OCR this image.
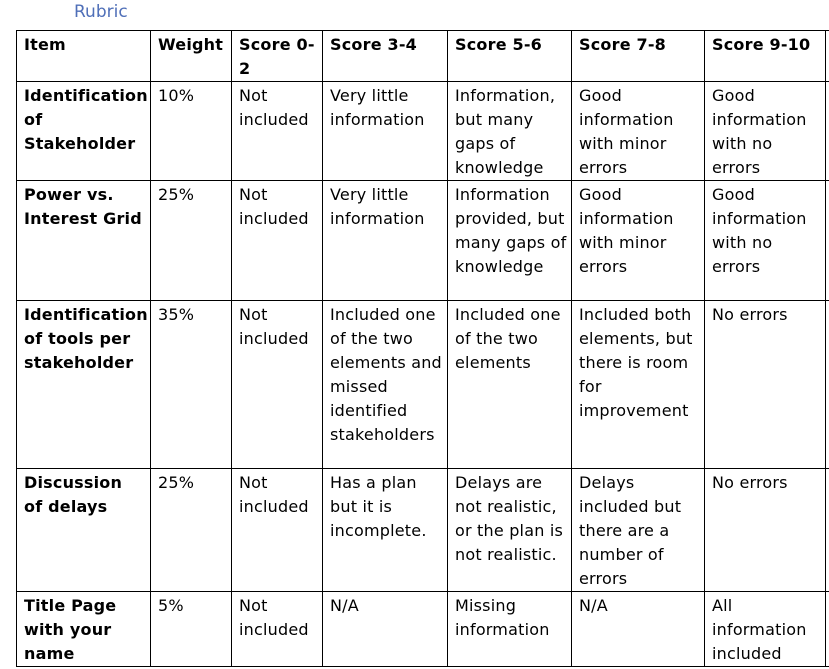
Rubric
Item	Weight	Score 0-2	Score 3-4	Score 5-6	Score 7-8	Score 9-10	
Identification of Stakeholder	10%	Not included	Very little information	Information, but many gaps of knowledge	Good information with minor errors	Good information with no errors	
Power vs. Interest Grid	25%	Not included	Very little information	Information provided, but many gaps of knowledge	Good information with minor errors	Good information with no errors	
Identification of tools per stakeholder	35%	Not included	Included one of the two elements and missed identified stakeholders	Included one of the two elements	Included both elements, but there is room for improvement	No errors	
Discussion of delays	25%	Not included	Has a plan but it is incomplete.	Delays are not realistic, or the plan is not realistic.	Delays included but there are a number of errors	No errors	
Title Page with your name	5%	Not included	N/A	Missing information	N/A	All information included	
